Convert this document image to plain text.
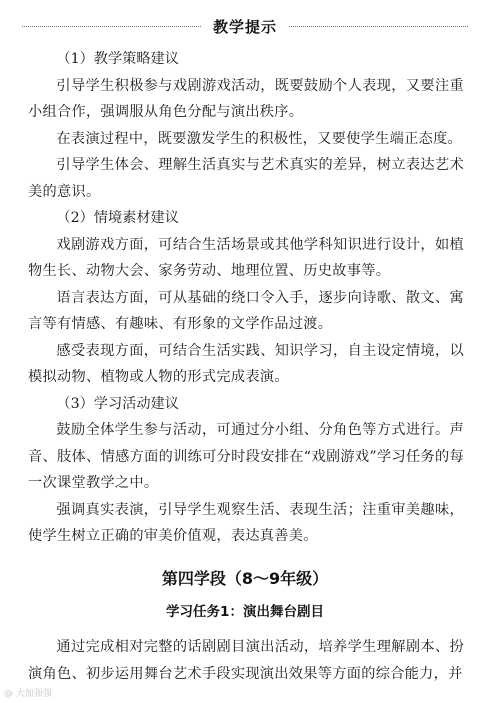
教学提示

（1）教学策略建议

引导学生积极参与戏剧游戏活动，既要鼓励个人表现，又要注重小组合作，强调服从角色分配与演出秩序。

在表演过程中，既要激发学生的积极性，又要使学生端正态度。

引导学生体会、理解生活真实与艺术真实的差异，树立表达艺术美的意识。

（2）情境素材建议

戏剧游戏方面，可结合生活场景或其他学科知识进行设计，如植物生长、动物大会、家务劳动、地理位置、历史故事等。

语言表达方面，可从基础的绕口令入手，逐步向诗歌、散文、寓言等有情感、有趣味、有形象的文学作品过渡。

感受表现方面，可结合生活实践、知识学习，自主设定情境，以模拟动物、植物或人物的形式完成表演。

（3）学习活动建议

鼓励全体学生参与活动，可通过分小组、分角色等方式进行。声音、肢体、情感方面的训练可分时段安排在“戏剧游戏”学习任务的每一次课堂教学之中。

强调真实表演，引导学生观察生活、表现生活；注重审美趣味，使学生树立正确的审美价值观，表达真善美。

第四学段（8～9年级）
学习任务1：演出舞台剧目

通过完成相对完整的话剧剧目演出活动，培养学生理解剧本、扮演角色、初步运用舞台艺术手段实现演出效果等方面的综合能力，并

@ 大加强强
